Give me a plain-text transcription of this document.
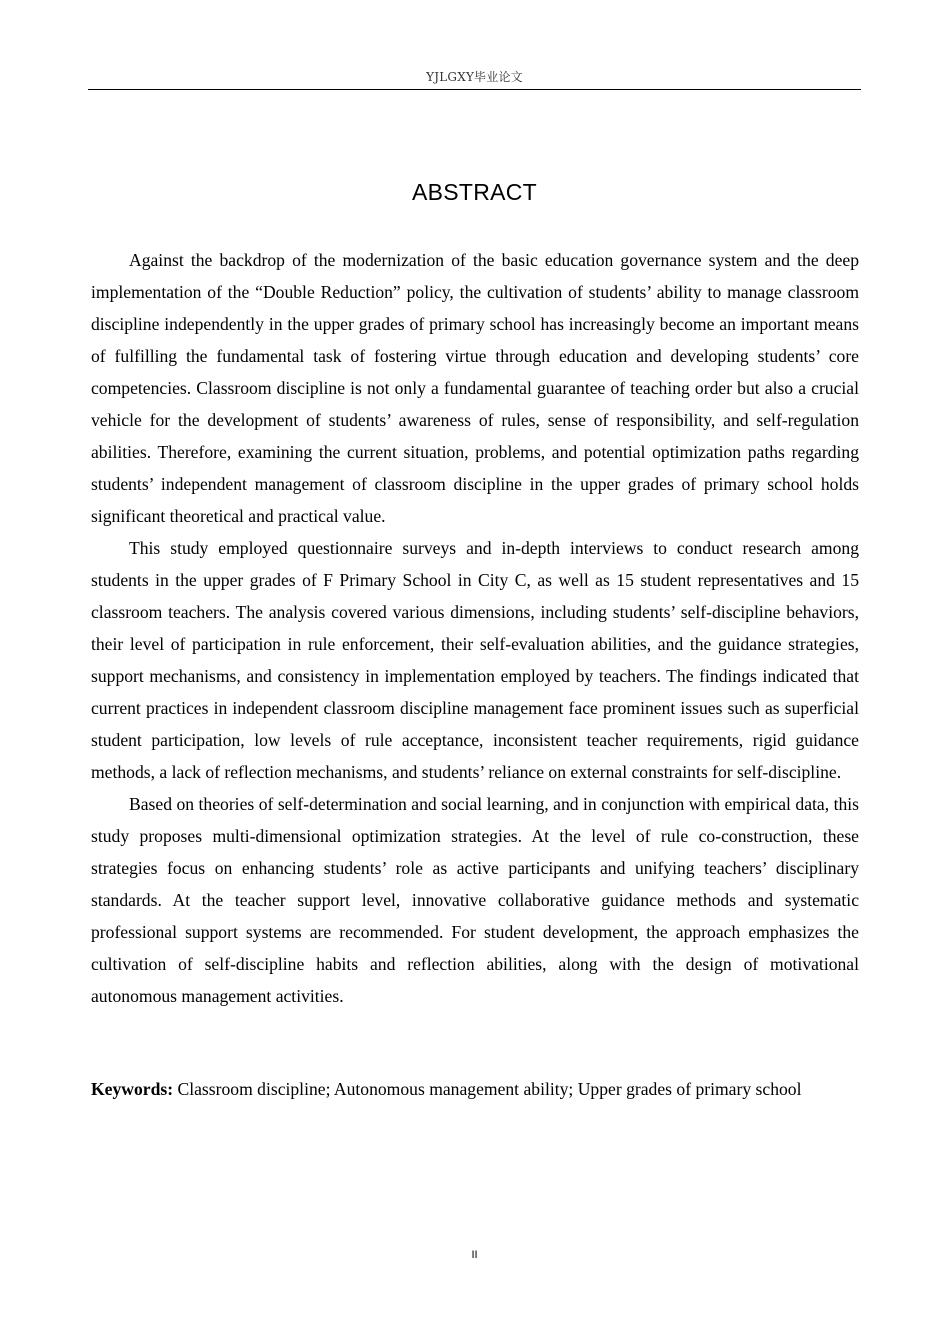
YJLGXY毕业论文
ABSTRACT

Against the backdrop of the modernization of the basic education governance system and the deep implementation of the “Double Reduction” policy, the cultivation of students’ ability to manage classroom discipline independently in the upper grades of primary school has increasingly become an important means of fulfilling the fundamental task of fostering virtue through education and developing students’ core competencies. Classroom discipline is not only a fundamental guarantee of teaching order but also a crucial vehicle for the development of students’ awareness of rules, sense of responsibility, and self-regulation abilities. Therefore, examining the current situation, problems, and potential optimization paths regarding students’ independent management of classroom discipline in the upper grades of primary school holds significant theoretical and practical value.

This study employed questionnaire surveys and in-depth interviews to conduct research among students in the upper grades of F Primary School in City C, as well as 15 student representatives and 15 classroom teachers. The analysis covered various dimensions, including students’ self-discipline behaviors, their level of participation in rule enforcement, their self-evaluation abilities, and the guidance strategies, support mechanisms, and consistency in implementation employed by teachers. The findings indicated that current practices in independent classroom discipline management face prominent issues such as superficial student participation, low levels of rule acceptance, inconsistent teacher requirements, rigid guidance methods, a lack of reflection mechanisms, and students’ reliance on external constraints for self-discipline.

Based on theories of self-determination and social learning, and in conjunction with empirical data, this study proposes multi-dimensional optimization strategies. At the level of rule co-construction, these strategies focus on enhancing students’ role as active participants and unifying teachers’ disciplinary standards. At the teacher support level, innovative collaborative guidance methods and systematic professional support systems are recommended. For student development, the approach emphasizes the cultivation of self-discipline habits and reflection abilities, along with the design of motivational autonomous management activities.

Keywords: Classroom discipline; Autonomous management ability; Upper grades of primary school
II
